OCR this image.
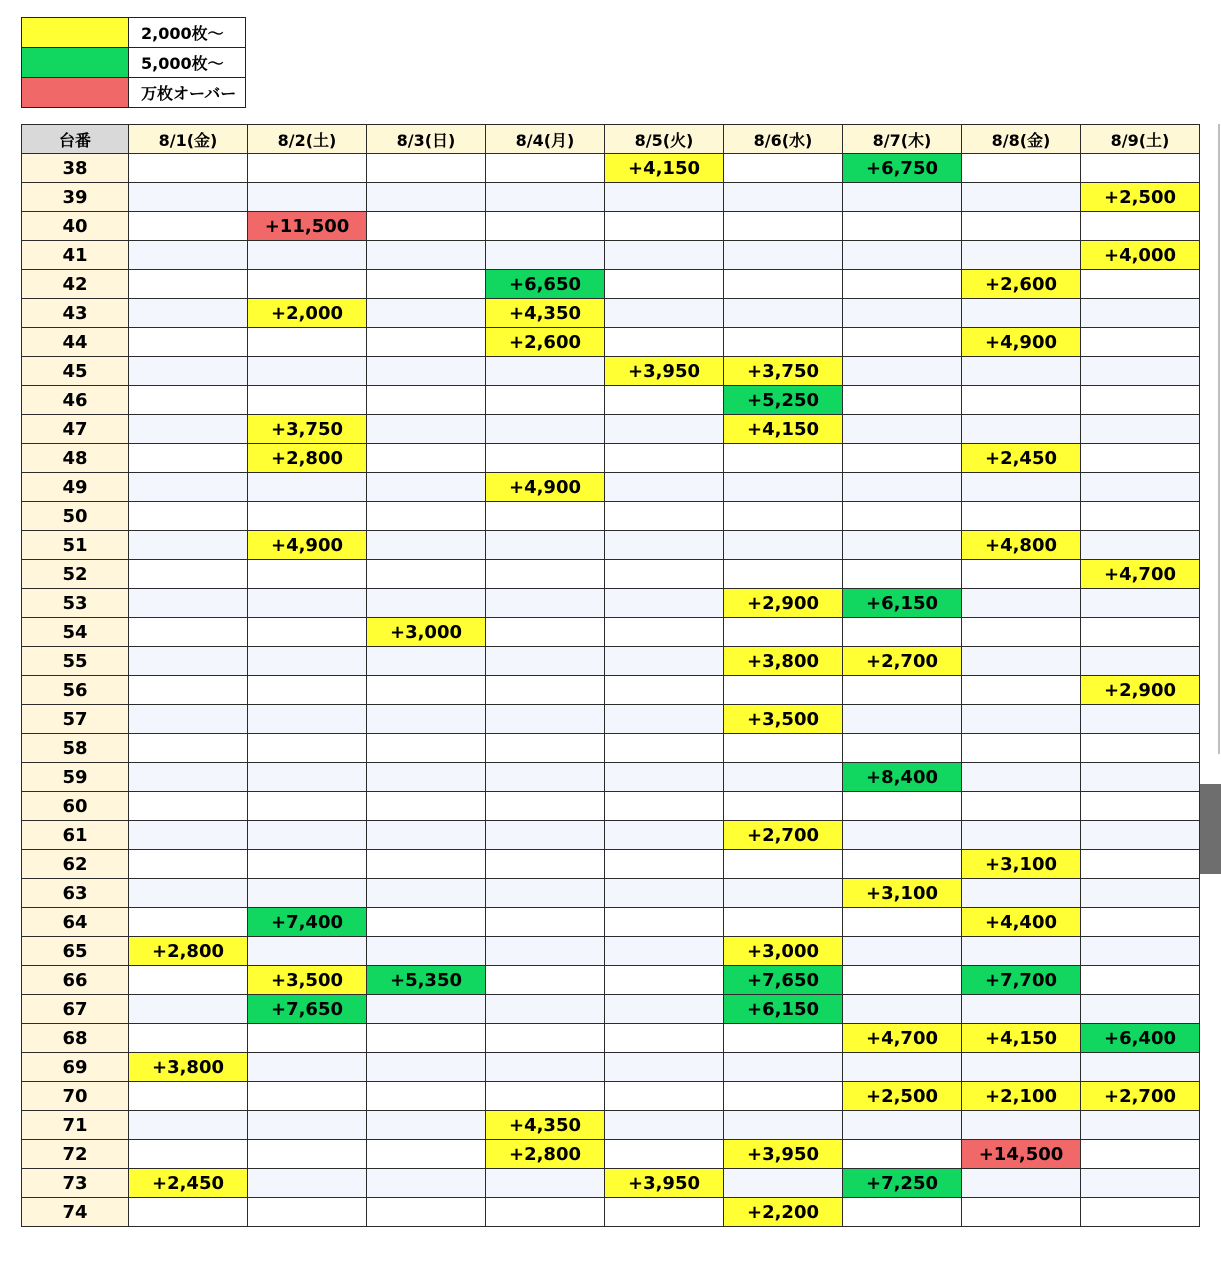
	2,000枚～
	5,000枚～
	万枚オーバー
台番	8/1(金)	8/2(土)	8/3(日)	8/4(月)	8/5(火)	8/6(水)	8/7(木)	8/8(金)	8/9(土)
38					+4,150		+6,750		
39									+2,500
40		+11,500							
41									+4,000
42				+6,650				+2,600	
43		+2,000		+4,350					
44				+2,600				+4,900	
45					+3,950	+3,750			
46						+5,250			
47		+3,750				+4,150			
48		+2,800						+2,450	
49				+4,900					
50									
51		+4,900						+4,800	
52									+4,700
53						+2,900	+6,150		
54			+3,000						
55						+3,800	+2,700		
56									+2,900
57						+3,500			
58									
59							+8,400		
60									
61						+2,700			
62								+3,100	
63							+3,100		
64		+7,400						+4,400	
65	+2,800					+3,000			
66		+3,500	+5,350			+7,650		+7,700	
67		+7,650				+6,150			
68							+4,700	+4,150	+6,400
69	+3,800								
70							+2,500	+2,100	+2,700
71				+4,350					
72				+2,800		+3,950		+14,500	
73	+2,450				+3,950		+7,250		
74						+2,200			
